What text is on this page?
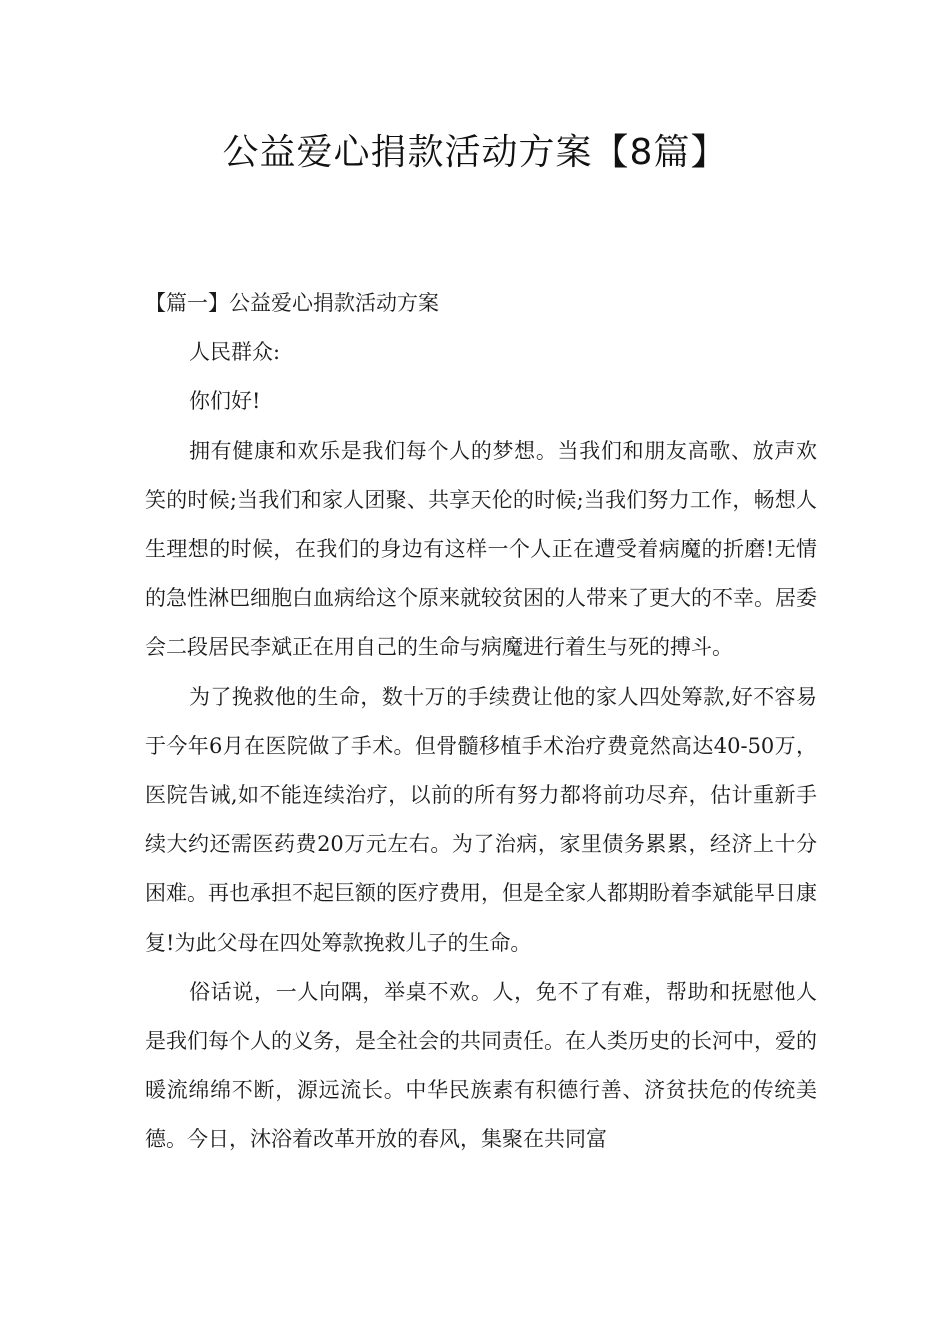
公益爱心捐款活动方案【8篇】

【篇一】公益爱心捐款活动方案

人民群众:

你们好!

拥有健康和欢乐是我们每个人的梦想。当我们和朋友高歌、放声欢笑的时候;当我们和家人团聚、共享天伦的时候;当我们努力工作，畅想人生理想的时候，在我们的身边有这样一个人正在遭受着病魔的折磨!无情的急性淋巴细胞白血病给这个原来就较贫困的人带来了更大的不幸。居委会二段居民李斌正在用自己的生命与病魔进行着生与死的搏斗。

为了挽救他的生命，数十万的手续费让他的家人四处筹款,好不容易于今年6月在医院做了手术。但骨髓移植手术治疗费竟然高达40-50万，医院告诫,如不能连续治疗，以前的所有努力都将前功尽弃，估计重新手续大约还需医药费20万元左右。为了治病，家里债务累累，经济上十分困难。再也承担不起巨额的医疗费用，但是全家人都期盼着李斌能早日康复!为此父母在四处筹款挽救儿子的生命。

俗话说，一人向隅，举桌不欢。人，免不了有难，帮助和抚慰他人是我们每个人的义务，是全社会的共同责任。在人类历史的长河中，爱的暖流绵绵不断，源远流长。中华民族素有积德行善、济贫扶危的传统美德。今日，沐浴着改革开放的春风，集聚在共同富
